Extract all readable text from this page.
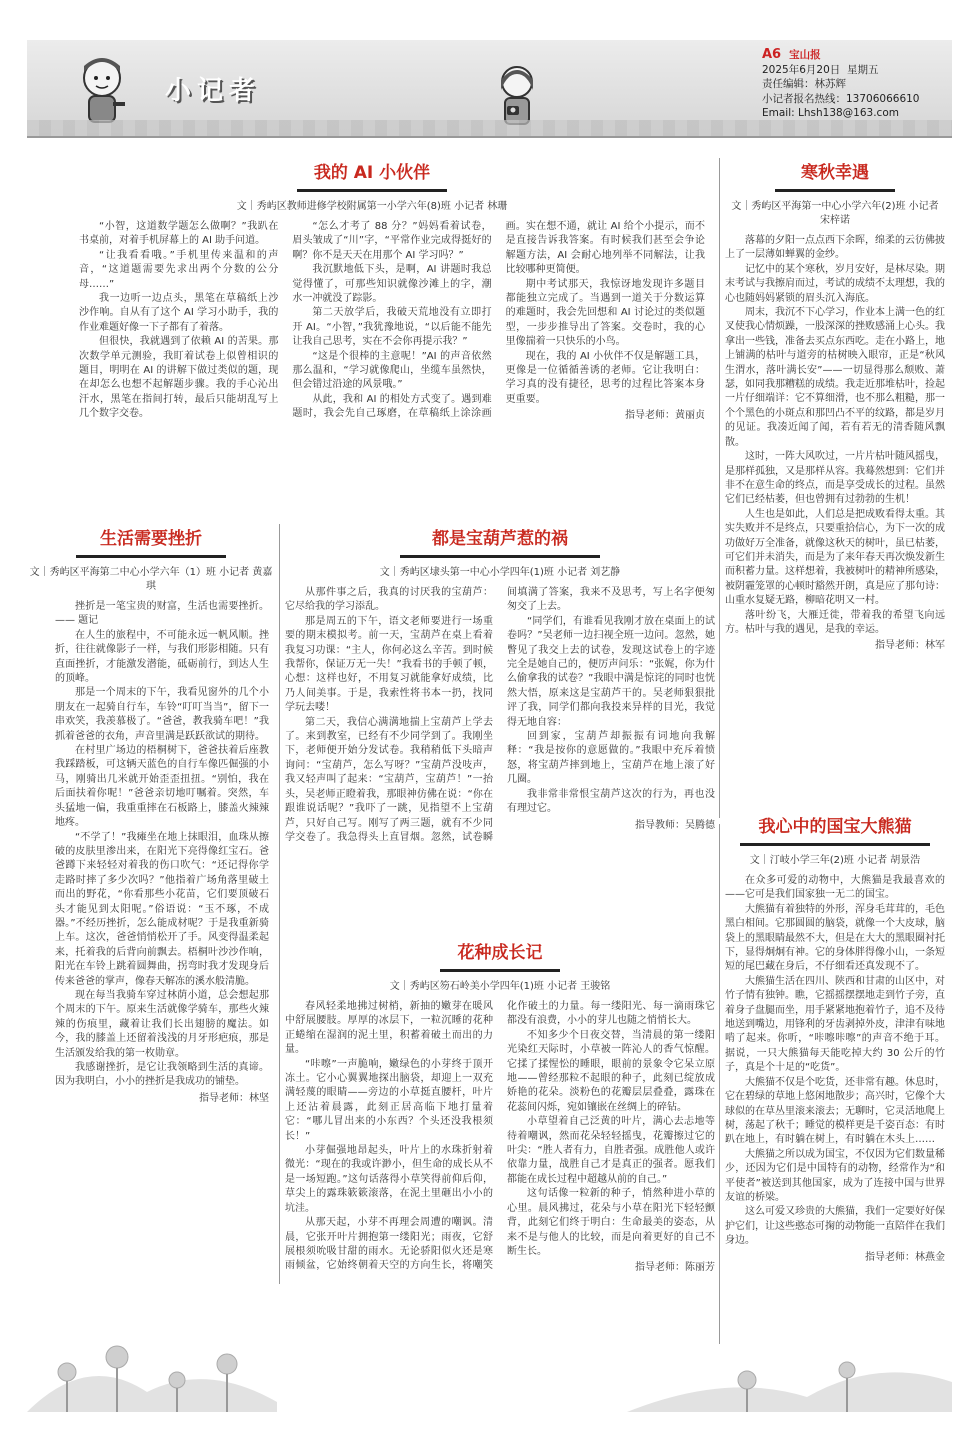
小记者
A6 宝山报
2025年6月20日 星期五
责任编辑：林苏辉
小记者报名热线：13706066610
Email: Lhsh138@163.com
我的 AI 小伙伴
文｜秀屿区教师进修学校附属第一小学六年(8)班 小记者 林珊

“小智，这道数学题怎么做啊？”我趴在书桌前，对着手机屏幕上的 AI 助手问道。

“让我看看哦。”手机里传来温和的声音，“这道题需要先求出两个分数的公分母……”

我一边听一边点头，黑笔在草稿纸上沙沙作响。自从有了这个 AI 学习小助手，我的作业难题好像一下子都有了着落。

但很快，我就遇到了依赖 AI 的苦果。那次数学单元测验，我盯着试卷上似曾相识的题目，明明在 AI 的讲解下做过类似的题，现在却怎么也想不起解题步骤。我的手心沁出汗水，黑笔在指间打转，最后只能胡乱写上几个数字交卷。

“怎么才考了 88 分？”妈妈看着试卷，眉头皱成了“川”字，“平常作业完成得挺好的啊？你不是天天在用那个 AI 学习吗？”

我沉默地低下头，是啊，AI 讲题时我总觉得懂了，可那些知识就像沙滩上的字，潮水一冲就没了踪影。

第二天放学后，我破天荒地没有立即打开 AI。“小智，”我犹豫地说，“以后能不能先让我自己思考，实在不会你再提示我？”

“这是个很棒的主意呢！”AI 的声音依然那么温和，“学习就像爬山，坐缆车虽然快，但会错过沿途的风景哦。”

从此，我和 AI 的相处方式变了。遇到难题时，我会先自己琢磨，在草稿纸上涂涂画画。实在想不通，就让 AI 给个小提示，而不是直接告诉我答案。有时候我们甚至会争论解题方法，AI 会耐心地列举不同解法，让我比较哪种更简便。

期中考试那天，我惊讶地发现许多题目都能独立完成了。当遇到一道关于分数运算的难题时，我会先回想和 AI 讨论过的类似题型，一步步推导出了答案。交卷时，我的心里像揣着一只快乐的小鸟。

现在，我的 AI 小伙伴不仅是解题工具，更像是一位循循善诱的老师。它让我明白：学习真的没有捷径，思考的过程比答案本身更重要。

指导老师：黄丽贞
寒秋幸遇
文｜秀屿区平海第一中心小学六年(2)班 小记者 宋梓诺

落幕的夕阳一点点西下余晖，绵柔的云彷佛披上了一层薄如蝉翼的金纱。

记忆中的某个寒秋，岁月安好，是林尽染。期末考试与我擦肩而过，考试的成绩不太理想，我的心也随妈妈紧锁的眉头沉入海底。

周末，我沉不下心学习，作业本上满一色的红叉使我心情烦躁，一股深深的挫败感涌上心头。我拿出一些钱，准备去买点东西吃。走在小路上，地上铺满的枯叶与道旁的枯树映入眼帘，正是“秋风生渭水，落叶满长安”——一切显得那么颓败、萧瑟，如同我那糟糕的成绩。我走近那堆枯叶，捡起一片仔细端详：它不算细滑，也不那么粗糙，那一个个黑色的小斑点和那凹凸不平的纹路，都是岁月的见证。我凑近闻了闻，若有若无的清香随风飘散。

这时，一阵大风吹过，一片片枯叶随风摇曳，是那样孤独，又是那样从容。我蓦然想到：它们并非不在意生命的终点，而是享受成长的过程。虽然它们已经枯萎，但也曾拥有过勃勃的生机！

人生也是如此，人们总是把成败看得太重。其实失败并不是终点，只要重拾信心，为下一次的成功做好万全准备，就像这秋天的树叶，虽已枯萎，可它们并未消失，而是为了来年春天再次焕发新生而积蓄力量。这样想着，我被树叶的精神所感染，被阴霾笼罩的心顿时豁然开朗，真是应了那句诗：山重水复疑无路，柳暗花明又一村。

落叶纷飞，大雁迁徙，带着我的希望飞向远方。枯叶与我的遇见，是我的幸运。

指导老师：林军
生活需要挫折
文｜秀屿区平海第二中心小学六年（1）班 小记者 黄嘉琪

挫折是一笔宝贵的财富，生活也需要挫折。 —— 题记

在人生的旅程中，不可能永远一帆风顺。挫折，往往就像影子一样，与我们形影相随。只有直面挫折，才能激发潜能，砥砺前行，到达人生的顶峰。

那是一个周末的下午，我看见窗外的几个小朋友在一起骑自行车，车铃“叮叮当当”，留下一串欢笑，我羡慕极了。“爸爸，教我骑车吧！”我抓着爸爸的衣角，声音里满是跃跃欲试的期待。

在村里广场边的梧桐树下，爸爸扶着后座教我踩踏板，可这辆天蓝色的自行车像匹倔强的小马，刚骑出几米就开始歪歪扭扭。“别怕，我在后面扶着你呢！”爸爸亲切地叮嘱着。突然，车头猛地一偏，我重重摔在石板路上，膝盖火辣辣地疼。

“不学了！”我瘫坐在地上抹眼泪，血珠从擦破的皮肤里渗出来，在阳光下亮得像红宝石。爸爸蹲下来轻轻对着我的伤口吹气：“还记得你学走路时摔了多少次吗？”他指着广场角落里破土而出的野花，“你看那些小花苗，它们要顶破石头才能见到太阳呢。”俗语说：“玉不琢，不成器。”不经历挫折，怎么能成材呢？于是我重新骑上车。这次，爸爸悄悄松开了手。风变得温柔起来，托着我的后背向前飘去。梧桐叶沙沙作响，阳光在车铃上跳着圆舞曲，拐弯时我才发现身后传来爸爸的掌声，像春天解冻的溪水般清脆。

现在每当我骑车穿过林荫小道，总会想起那个周末的下午。原来生活就像学骑车，那些火辣辣的伤痕里，藏着让我们长出翅膀的魔法。如今，我的膝盖上还留着浅浅的月牙形疤痕，那是生活颁发给我的第一枚勋章。

我感谢挫折，是它让我领略到生活的真谛。因为我明白，小小的挫折是我成功的铺垫。

指导老师：林坚
都是宝葫芦惹的祸
文｜秀屿区埭头第一中心小学四年(1)班 小记者 刘艺静

从那件事之后，我真的讨厌我的宝葫芦：它尽给我的学习添乱。

那是周五的下午，语文老师要进行一场重要的期末模拟考。前一天，宝葫芦在桌上看着我复习功课：“主人，你何必这么辛苦。到时候我帮你，保证万无一失！”我看书的手顿了顿，心想：这样也好，不用复习就能拿好成绩，比乃人间美事。于是，我索性将书本一扔，找同学玩去喽！

第二天，我信心满满地揣上宝葫芦上学去了。来到教室，已经有不少同学到了。我刚坐下，老师便开始分发试卷。我稍稍低下头暗声询问：“宝葫芦，怎么写呀？”宝葫芦没吱声，我又轻声叫了起来：“宝葫芦，宝葫芦！”一抬头，吴老师正瞪着我，那眼神仿佛在说：“你在跟谁说话呢？”我吓了一跳，见指望不上宝葫芦，只好自己写。刚写了两三题，就有不少同学交卷了。我急得头上直冒烟。忽然，试卷瞬间填满了答案，我来不及思考，写上名字便匆匆交了上去。

“同学们，有谁看见我刚才放在桌面上的试卷吗？”吴老师一边扫视全班一边问。忽然，她瞥见了我交上去的试卷，发现这试卷上的字迹完全是她自己的，便厉声问乐：“张娓，你为什么偷拿我的试卷？”我眼中满是惊诧的同时也恍然大悟，原来这是宝葫芦干的。吴老师狠狠批评了我，同学们都向我投来异样的目光，我觉得无地自容：

回到家，宝葫芦却振振有词地向我解释：“我是按你的意愿做的。”我眼中充斥着愤怒，将宝葫芦摔到地上，宝葫芦在地上滚了好几圈。

我非常非常恨宝葫芦这次的行为，再也没有理过它。

指导教师：吴腾德
花种成长记
文｜秀屿区笏石岭美小学四年(1)班 小记者 王骏铭

春风轻柔地拂过树梢，新抽的嫩芽在暖风中舒展腰肢。厚厚的冰层下，一粒沉睡的花种正蜷缩在湿润的泥土里，积蓄着破土而出的力量。

“咔嚓”一声脆响，嫩绿色的小芽终于顶开冻土。它小心翼翼地探出脑袋，却迎上一双充满轻蔑的眼睛——旁边的小草挺直腰杆，叶片上还沾着晨露，此刻正居高临下地打量着它：“哪儿冒出来的小东西？个头还没我根须长！”

小芽倔强地昂起头，叶片上的水珠折射着微光：“现在的我或许渺小，但生命的成长从不是一场短跑。”这句话落得小草笑得前仰后仰，草尖上的露珠簌簌滚落，在泥土里砸出小小的坑洼。

从那天起，小芽不再理会周遭的嘲讽。清晨，它张开叶片拥抱第一缕阳光；雨夜，它舒展根须吮吸甘甜的雨水。无论骄阳似火还是寒雨倾盆，它始终朝着天空的方向生长，将嘲笑化作破土的力量。每一缕阳光、每一滴雨珠它都没有浪费，小小的芽儿也随之悄悄长大。

不知多少个日夜交替，当清晨的第一缕阳光染红天际时，小草被一阵沁人的香气惊醒。它揉了揉惺忪的睡眼，眼前的景象令它呆立原地——曾经那粒不起眼的种子，此刻已绽放成娇艳的花朵。淡粉色的花瓣层层叠叠，露珠在花蕊间闪烁，宛如镶嵌在丝绸上的碎钻。

小草望着自己泛黄的叶片，满心去忐地等待着嘲讽，然而花朵轻轻摇曳，花瓣擦过它的叶尖：“胜人者有力，自胜者强。成胜他人或许依靠力量，战胜自己才是真正的强者。愿我们都能在成长过程中超越从前的自己。”

这句话像一粒新的种子，悄然种进小草的心里。晨风拂过，花朵与小草在阳光下轻轻颤背，此刻它们终于明白：生命最美的姿态，从来不是与他人的比较，而是向着更好的自己不断生长。

指导老师：陈丽芳
我心中的国宝大熊猫
文｜汀岐小学三年(2)班 小记者 胡景浩

在众多可爱的动物中，大熊猫是我最喜欢的——它可是我们国家独一无二的国宝。

大熊猫有着独特的外形，浑身毛茸茸的，毛色黑白相间。它那圆圆的脑袋，就像一个大皮球，脑袋上的黑眼睛最然不大，但是在大大的黑眼圈衬托下，显得炯炯有神。它的身体胖得像小山，一条短短的尾巴藏在身后，不仔细看还真发现不了。

大熊猫生活在四川、陕西和甘肃的山区中，对竹子情有独钟。瞧，它摇摇摆摆地走到竹子旁，直着身子盘腿而坐，用手紧紧地抱着竹子，追不及待地送到嘴边，用锋利的牙齿剥掉外皮，津津有味地啃了起来。你听，“咔嚓咔嚓”的声音不绝于耳。据说，一只大熊猫每天能吃掉大约 30 公斤的竹子，真是个十足的“吃货”。

大熊猫不仅是个吃货，还非常有趣。休息时，它在碧绿的草地上悠闲地散步；高兴时，它像个大球似的在草丛里滚来滚去；无聊时，它灵活地爬上树，荡起了秋千；睡觉的模样更是千姿百态：有时趴在地上，有时躺在树上，有时躺在木头上……

大熊猫之所以成为国宝，不仅因为它们数量稀少，还因为它们是中国特有的动物，经常作为“和平使者”被送到其他国家，成为了连接中国与世界友谊的桥梁。

这么可爱又珍贵的大熊猫，我们一定要好好保护它们，让这些憨态可掬的动物能一直陪伴在我们身边。

指导老师：林燕金
